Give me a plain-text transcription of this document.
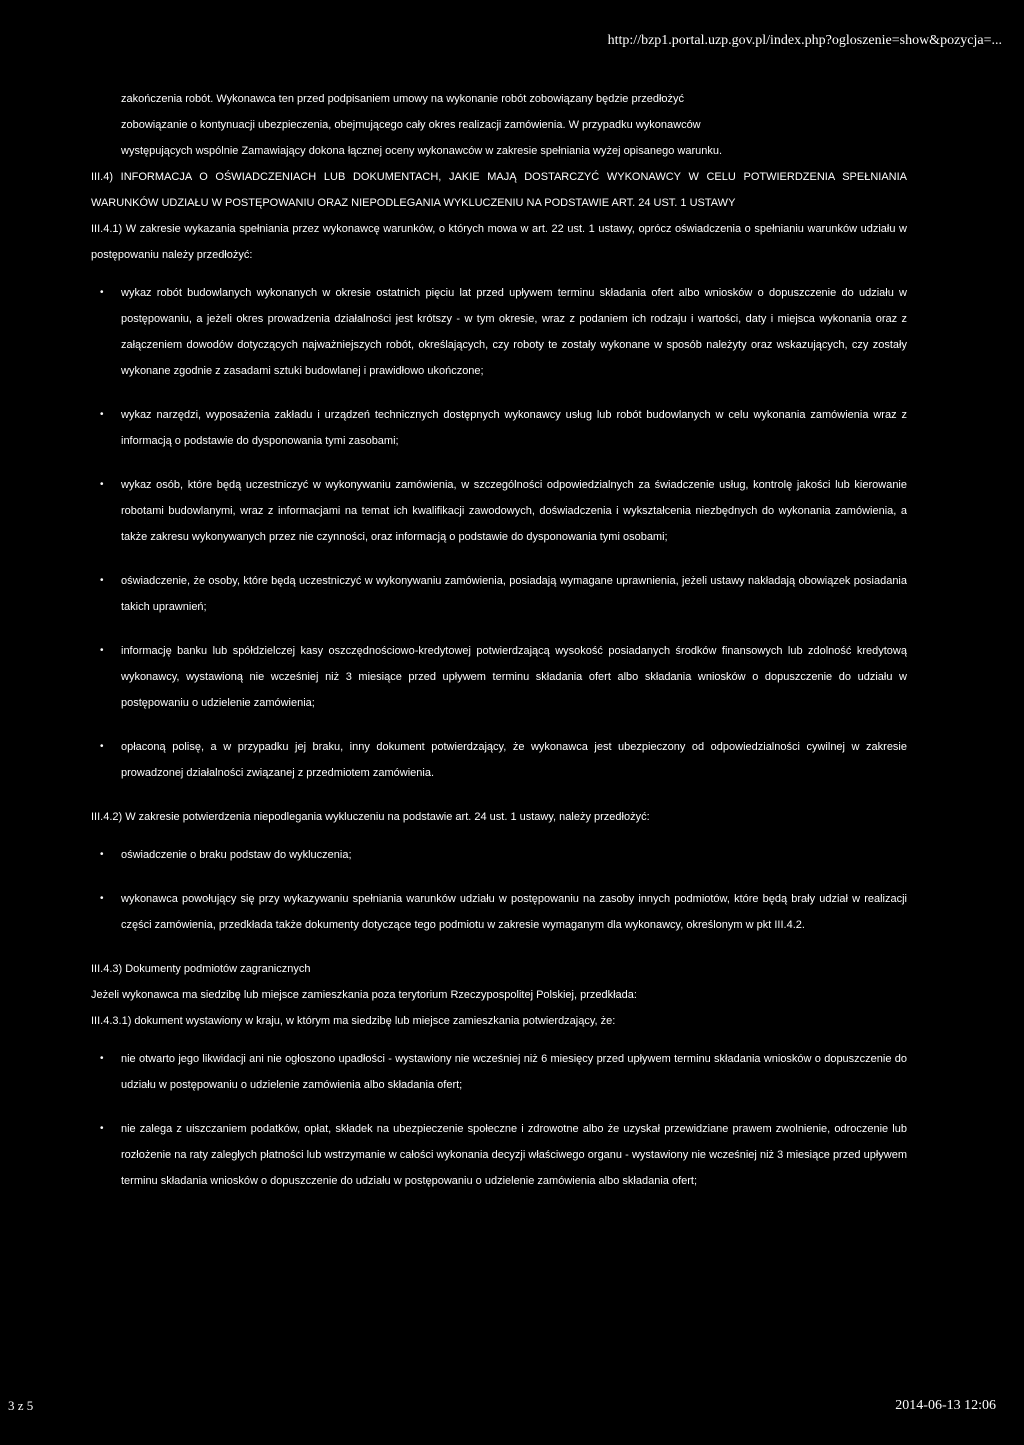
http://bzp1.portal.uzp.gov.pl/index.php?ogloszenie=show&pozycja=...

zakończenia robót. Wykonawca ten przed podpisaniem umowy na wykonanie robót zobowiązany będzie przedłożyć

zobowiązanie o kontynuacji ubezpieczenia, obejmującego cały okres realizacji zamówienia. W przypadku wykonawców

występujących wspólnie Zamawiający dokona łącznej oceny wykonawców w zakresie spełniania wyżej opisanego warunku.

III.4) INFORMACJA O OŚWIADCZENIACH LUB DOKUMENTACH, JAKIE MAJĄ DOSTARCZYĆ WYKONAWCY W CELU POTWIERDZENIA SPEŁNIANIA WARUNKÓW UDZIAŁU W POSTĘPOWANIU ORAZ NIEPODLEGANIA WYKLUCZENIU NA PODSTAWIE ART. 24 UST. 1 USTAWY

III.4.1) W zakresie wykazania spełniania przez wykonawcę warunków, o których mowa w art. 22 ust. 1 ustawy, oprócz oświadczenia o spełnianiu warunków udziału w postępowaniu należy przedłożyć:

• wykaz robót budowlanych wykonanych w okresie ostatnich pięciu lat przed upływem terminu składania ofert albo wniosków o dopuszczenie do udziału w postępowaniu, a jeżeli okres prowadzenia działalności jest krótszy - w tym okresie, wraz z podaniem ich rodzaju i wartości, daty i miejsca wykonania oraz z załączeniem dowodów dotyczących najważniejszych robót, określających, czy roboty te zostały wykonane w sposób należyty oraz wskazujących, czy zostały wykonane zgodnie z zasadami sztuki budowlanej i prawidłowo ukończone;
• wykaz narzędzi, wyposażenia zakładu i urządzeń technicznych dostępnych wykonawcy usług lub robót budowlanych w celu wykonania zamówienia wraz z informacją o podstawie do dysponowania tymi zasobami;
• wykaz osób, które będą uczestniczyć w wykonywaniu zamówienia, w szczególności odpowiedzialnych za świadczenie usług, kontrolę jakości lub kierowanie robotami budowlanymi, wraz z informacjami na temat ich kwalifikacji zawodowych, doświadczenia i wykształcenia niezbędnych do wykonania zamówienia, a także zakresu wykonywanych przez nie czynności, oraz informacją o podstawie do dysponowania tymi osobami;
• oświadczenie, że osoby, które będą uczestniczyć w wykonywaniu zamówienia, posiadają wymagane uprawnienia, jeżeli ustawy nakładają obowiązek posiadania takich uprawnień;
• informację banku lub spółdzielczej kasy oszczędnościowo-kredytowej potwierdzającą wysokość posiadanych środków finansowych lub zdolność kredytową wykonawcy, wystawioną nie wcześniej niż 3 miesiące przed upływem terminu składania ofert albo składania wniosków o dopuszczenie do udziału w postępowaniu o udzielenie zamówienia;
• opłaconą polisę, a w przypadku jej braku, inny dokument potwierdzający, że wykonawca jest ubezpieczony od odpowiedzialności cywilnej w zakresie prowadzonej działalności związanej z przedmiotem zamówienia.

III.4.2) W zakresie potwierdzenia niepodlegania wykluczeniu na podstawie art. 24 ust. 1 ustawy, należy przedłożyć:

• oświadczenie o braku podstaw do wykluczenia;
• wykonawca powołujący się przy wykazywaniu spełniania warunków udziału w postępowaniu na zasoby innych podmiotów, które będą brały udział w realizacji części zamówienia, przedkłada także dokumenty dotyczące tego podmiotu w zakresie wymaganym dla wykonawcy, określonym w pkt III.4.2.

III.4.3) Dokumenty podmiotów zagranicznych

Jeżeli wykonawca ma siedzibę lub miejsce zamieszkania poza terytorium Rzeczypospolitej Polskiej, przedkłada:

III.4.3.1) dokument wystawiony w kraju, w którym ma siedzibę lub miejsce zamieszkania potwierdzający, że:

• nie otwarto jego likwidacji ani nie ogłoszono upadłości - wystawiony nie wcześniej niż 6 miesięcy przed upływem terminu składania wniosków o dopuszczenie do udziału w postępowaniu o udzielenie zamówienia albo składania ofert;
• nie zalega z uiszczaniem podatków, opłat, składek na ubezpieczenie społeczne i zdrowotne albo że uzyskał przewidziane prawem zwolnienie, odroczenie lub rozłożenie na raty zaległych płatności lub wstrzymanie w całości wykonania decyzji właściwego organu - wystawiony nie wcześniej niż 3 miesiące przed upływem terminu składania wniosków o dopuszczenie do udziału w postępowaniu o udzielenie zamówienia albo składania ofert;
3 z 5	2014-06-13 12:06
